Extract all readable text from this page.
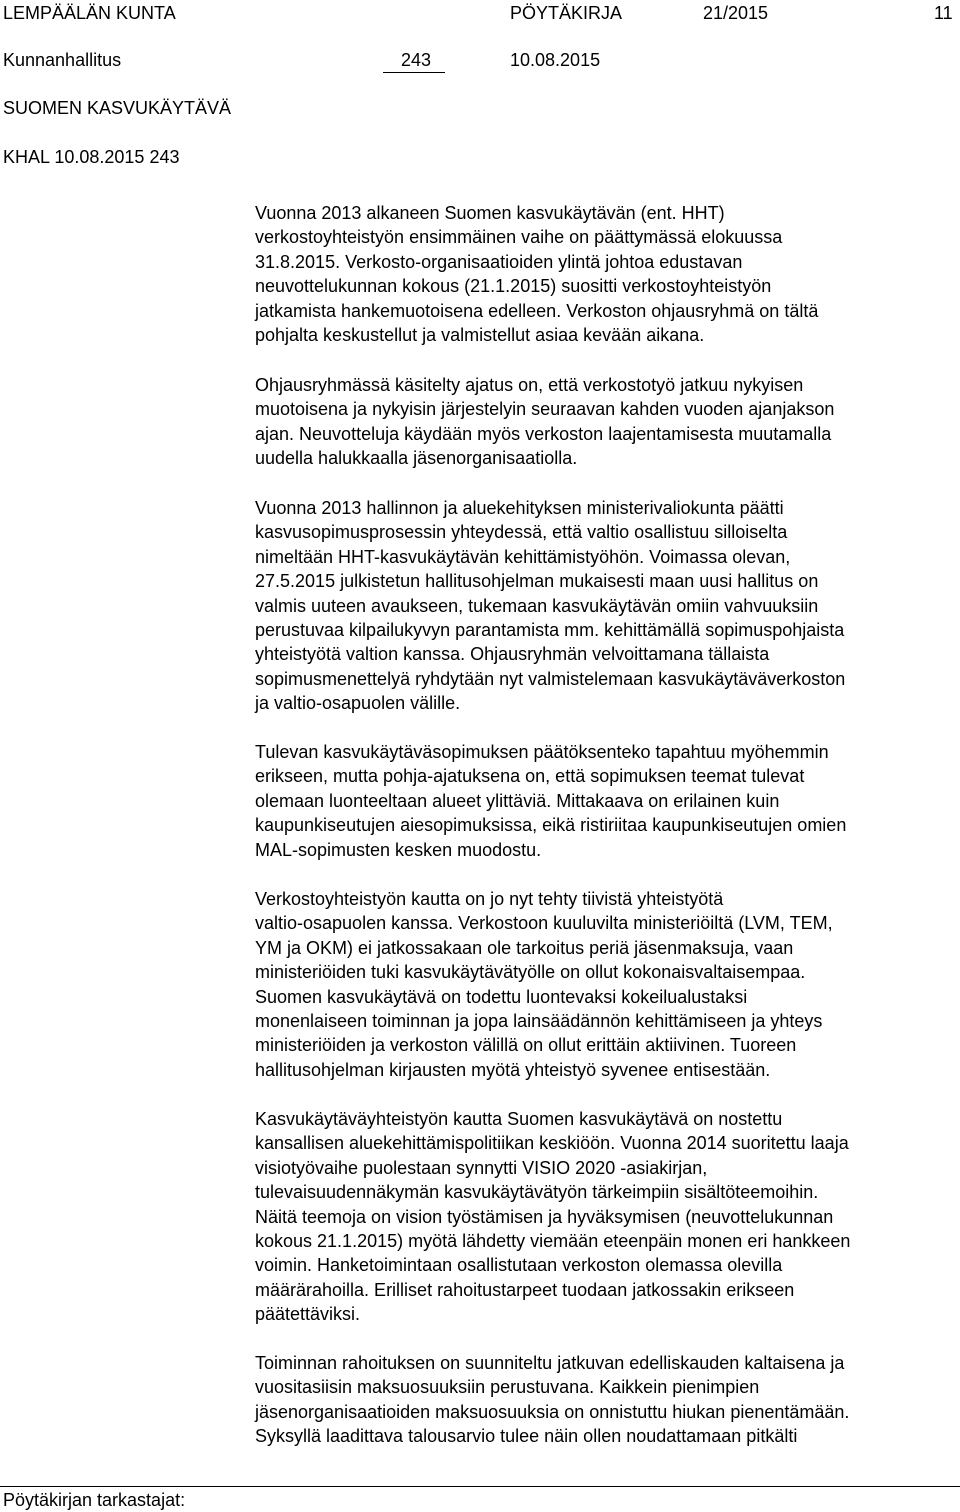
LEMPÄÄLÄN KUNTA	PÖYTÄKIRJA	21/2015	11
Kunnanhallitus	243	10.08.2015
SUOMEN KASVUKÄYTÄVÄ
KHAL 10.08.2015 243
Vuonna 2013 alkaneen Suomen kasvukäytävän (ent. HHT)
verkostoyhteistyön ensimmäinen vaihe on päättymässä elokuussa
31.8.2015. Verkosto-organisaatioiden ylintä johtoa edustavan
neuvottelukunnan kokous (21.1.2015) suositti verkostoyhteistyön
jatkamista hankemuotoisena edelleen. Verkoston ohjausryhmä on tältä
pohjalta keskustellut ja valmistellut asiaa kevään aikana.
Ohjausryhmässä käsitelty ajatus on, että verkostotyö jatkuu nykyisen
muotoisena ja nykyisin järjestelyin seuraavan kahden vuoden ajanjakson
ajan. Neuvotteluja käydään myös verkoston laajentamisesta muutamalla
uudella halukkaalla jäsenorganisaatiolla.
Vuonna 2013 hallinnon ja aluekehityksen ministerivaliokunta päätti
kasvusopimusprosessin yhteydessä, että valtio osallistuu silloiselta
nimeltään HHT-kasvukäytävän kehittämistyöhön. Voimassa olevan,
27.5.2015 julkistetun hallitusohjelman mukaisesti maan uusi hallitus on
valmis uuteen avaukseen, tukemaan kasvukäytävän omiin vahvuuksiin
perustuvaa kilpailukyvyn parantamista mm. kehittämällä sopimuspohjaista
yhteistyötä valtion kanssa. Ohjausryhmän velvoittamana tällaista
sopimusmenettelyä ryhdytään nyt valmistelemaan kasvukäytäväverkoston
ja valtio-osapuolen välille.
Tulevan kasvukäytäväsopimuksen päätöksenteko tapahtuu myöhemmin
erikseen, mutta pohja-ajatuksena on, että sopimuksen teemat tulevat
olemaan luonteeltaan alueet ylittäviä. Mittakaava on erilainen kuin
kaupunkiseutujen aiesopimuksissa, eikä ristiriitaa kaupunkiseutujen omien
MAL-sopimusten kesken muodostu.
Verkostoyhteistyön kautta on jo nyt tehty tiivistä yhteistyötä
valtio-osapuolen kanssa. Verkostoon kuuluvilta ministeriöiltä (LVM, TEM,
YM ja OKM) ei jatkossakaan ole tarkoitus periä jäsenmaksuja, vaan
ministeriöiden tuki kasvukäytävätyölle on ollut kokonaisvaltaisempaa.
Suomen kasvukäytävä on todettu luontevaksi kokeilualustaksi
monenlaiseen toiminnan ja jopa lainsäädännön kehittämiseen ja yhteys
ministeriöiden ja verkoston välillä on ollut erittäin aktiivinen. Tuoreen
hallitusohjelman kirjausten myötä yhteistyö syvenee entisestään.
Kasvukäytäväyhteistyön kautta Suomen kasvukäytävä on nostettu
kansallisen aluekehittämispolitiikan keskiöön. Vuonna 2014 suoritettu laaja
visiotyövaihe puolestaan synnytti VISIO 2020 -asiakirjan,
tulevaisuudennäkymän kasvukäytävätyön tärkeimpiin sisältöteemoihin.
Näitä teemoja on vision työstämisen ja hyväksymisen (neuvottelukunnan
kokous 21.1.2015) myötä lähdetty viemään eteenpäin monen eri hankkeen
voimin. Hanketoimintaan osallistutaan verkoston olemassa olevilla
määrärahoilla. Erilliset rahoitustarpeet tuodaan jatkossakin erikseen
päätettäviksi.
Toiminnan rahoituksen on suunniteltu jatkuvan edelliskauden kaltaisena ja
vuositasiisin maksuosuuksiin perustuvana. Kaikkein pienimpien
jäsenorganisaatioiden maksuosuuksia on onnistuttu hiukan pienentämään.
Syksyllä laadittava talousarvio tulee näin ollen noudattamaan pitkälti
Pöytäkirjan tarkastajat:
